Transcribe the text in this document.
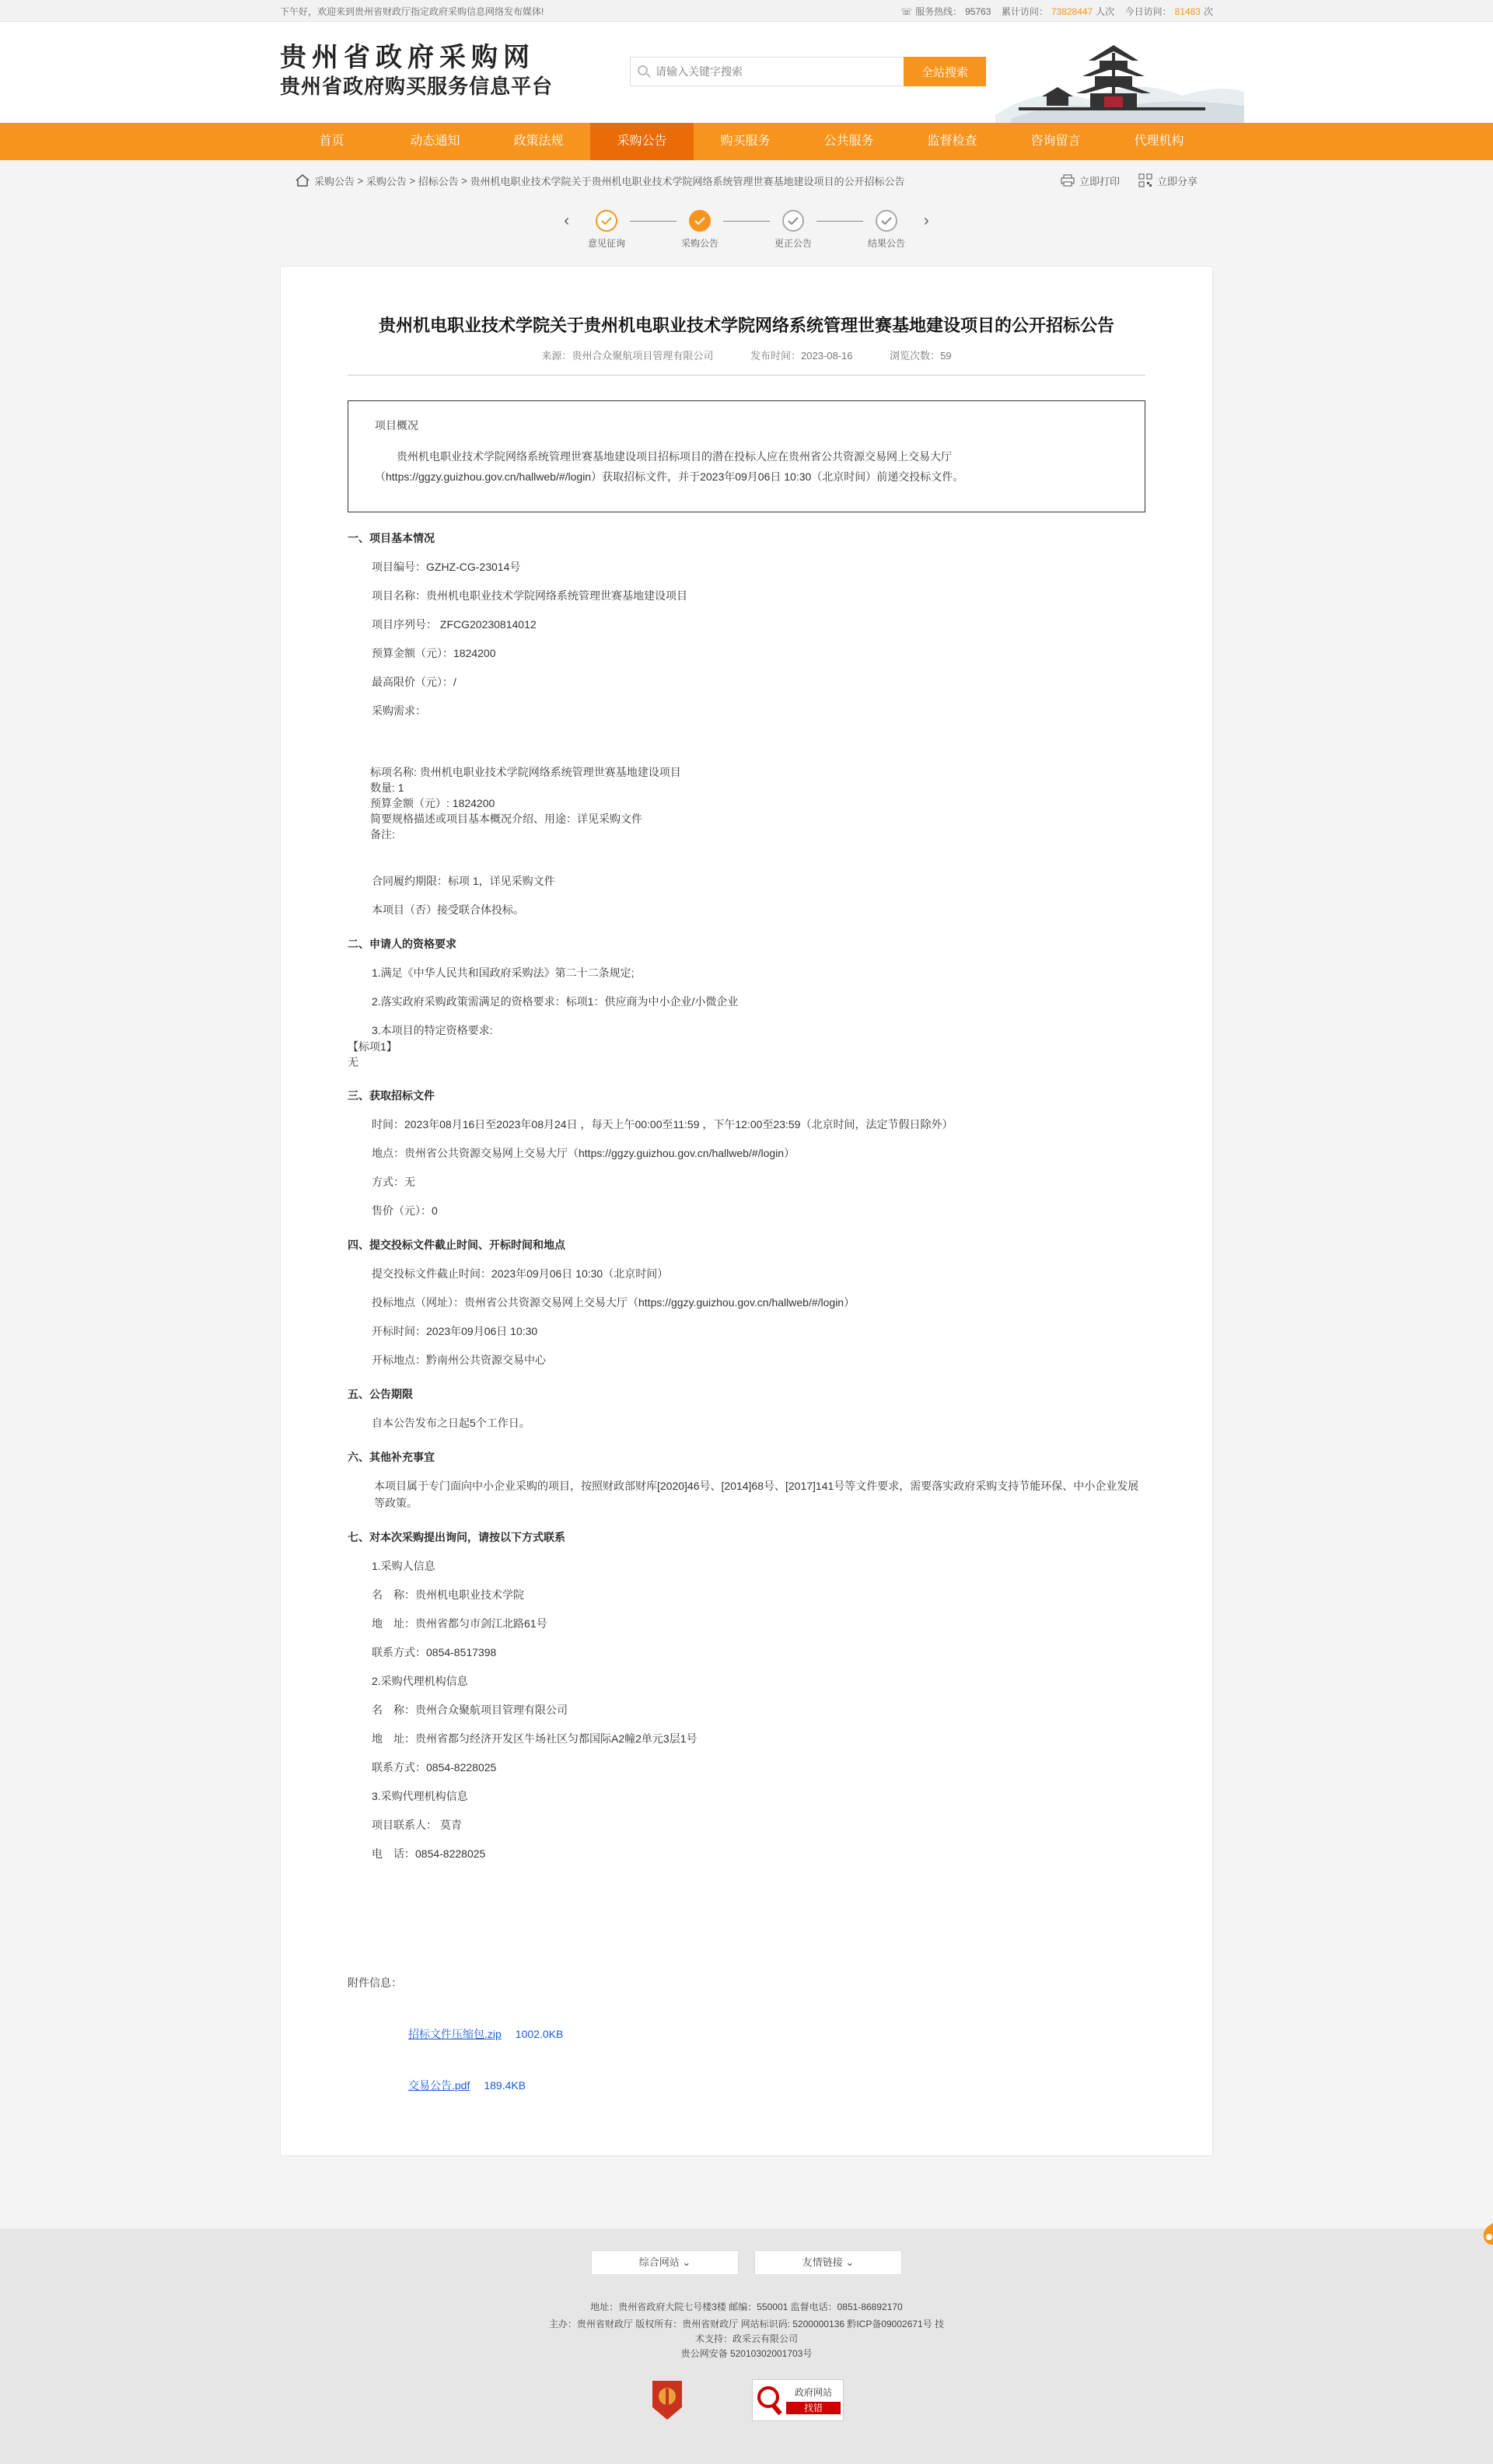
下午好，欢迎来到贵州省财政厅指定政府采购信息网络发布媒体!	☏ 服务热线： 95763 累计访问： 73828447 人次 今日访问： 81483 次
贵州省政府采购网
贵州省政府购买服务信息平台
请输入关键字搜索
全站搜索
首页	动态通知	政策法规	采购公告	购买服务	公共服务	监督检查	咨询留言	代理机构
采购公告 > 采购公告 > 招标公告 > 贵州机电职业技术学院关于贵州机电职业技术学院网络系统管理世赛基地建设项目的公开招标公告	立即打印	立即分享
‹
意见征询	采购公告	更正公告	结果公告
›
贵州机电职业技术学院关于贵州机电职业技术学院网络系统管理世赛基地建设项目的公开招标公告
来源：贵州合众聚航项目管理有限公司	发布时间：2023-08-16	浏览次数：59
项目概况
贵州机电职业技术学院网络系统管理世赛基地建设项目招标项目的潜在投标人应在贵州省公共资源交易网上交易大厅（https://ggzy.guizhou.gov.cn/hallweb/#/login）获取招标文件，并于2023年09月06日 10:30（北京时间）前递交投标文件。
一、项目基本情况
项目编号：GZHZ-CG-23014号
项目名称：贵州机电职业技术学院网络系统管理世赛基地建设项目
项目序列号： ZFCG20230814012
预算金额（元）：1824200
最高限价（元）：/
采购需求：
标项名称: 贵州机电职业技术学院网络系统管理世赛基地建设项目
数量: 1
预算金额（元）: 1824200
简要规格描述或项目基本概况介绍、用途：详见采购文件
备注:
合同履约期限：标项 1，详见采购文件
本项目（否）接受联合体投标。
二、申请人的资格要求
1.满足《中华人民共和国政府采购法》第二十二条规定;
2.落实政府采购政策需满足的资格要求：标项1：供应商为中小企业/小微企业
3.本项目的特定资格要求:
【标项1】
无
三、获取招标文件
时间：2023年08月16日至2023年08月24日 ，每天上午00:00至11:59 ，下午12:00至23:59（北京时间，法定节假日除外）
地点：贵州省公共资源交易网上交易大厅（https://ggzy.guizhou.gov.cn/hallweb/#/login）
方式：无
售价（元）：0
四、提交投标文件截止时间、开标时间和地点
提交投标文件截止时间：2023年09月06日 10:30（北京时间）
投标地点（网址）：贵州省公共资源交易网上交易大厅（https://ggzy.guizhou.gov.cn/hallweb/#/login）
开标时间：2023年09月06日 10:30
开标地点：黔南州公共资源交易中心
五、公告期限
自本公告发布之日起5个工作日。
六、其他补充事宜
本项目属于专门面向中小企业采购的项目，按照财政部财库[2020]46号、[2014]68号、[2017]141号等文件要求，需要落实政府采购支持节能环保、中小企业发展等政策。
七、对本次采购提出询问，请按以下方式联系
1.采购人信息
名　称：贵州机电职业技术学院
地　址：贵州省都匀市剑江北路61号
联系方式：0854-8517398
2.采购代理机构信息
名　称：贵州合众聚航项目管理有限公司
地　址：贵州省都匀经济开发区牛场社区匀都国际A2幢2单元3层1号
联系方式：0854-8228025
3.采购代理机构信息
项目联系人： 莫青
电　话：0854-8228025
附件信息：
招标文件压缩包.zip 1002.0KB
交易公告.pdf 189.4KB
综合网站 ⌄	友情链接 ⌄
地址：贵州省政府大院七号楼3楼 邮编：550001 监督电话：0851-86892170
主办：贵州省财政厅 版权所有：贵州省财政厅 网站标识码: 5200000136 黔ICP备09002671号 技
术支持：政采云有限公司
贵公网安备 52010302001703号
政府网站
找错
